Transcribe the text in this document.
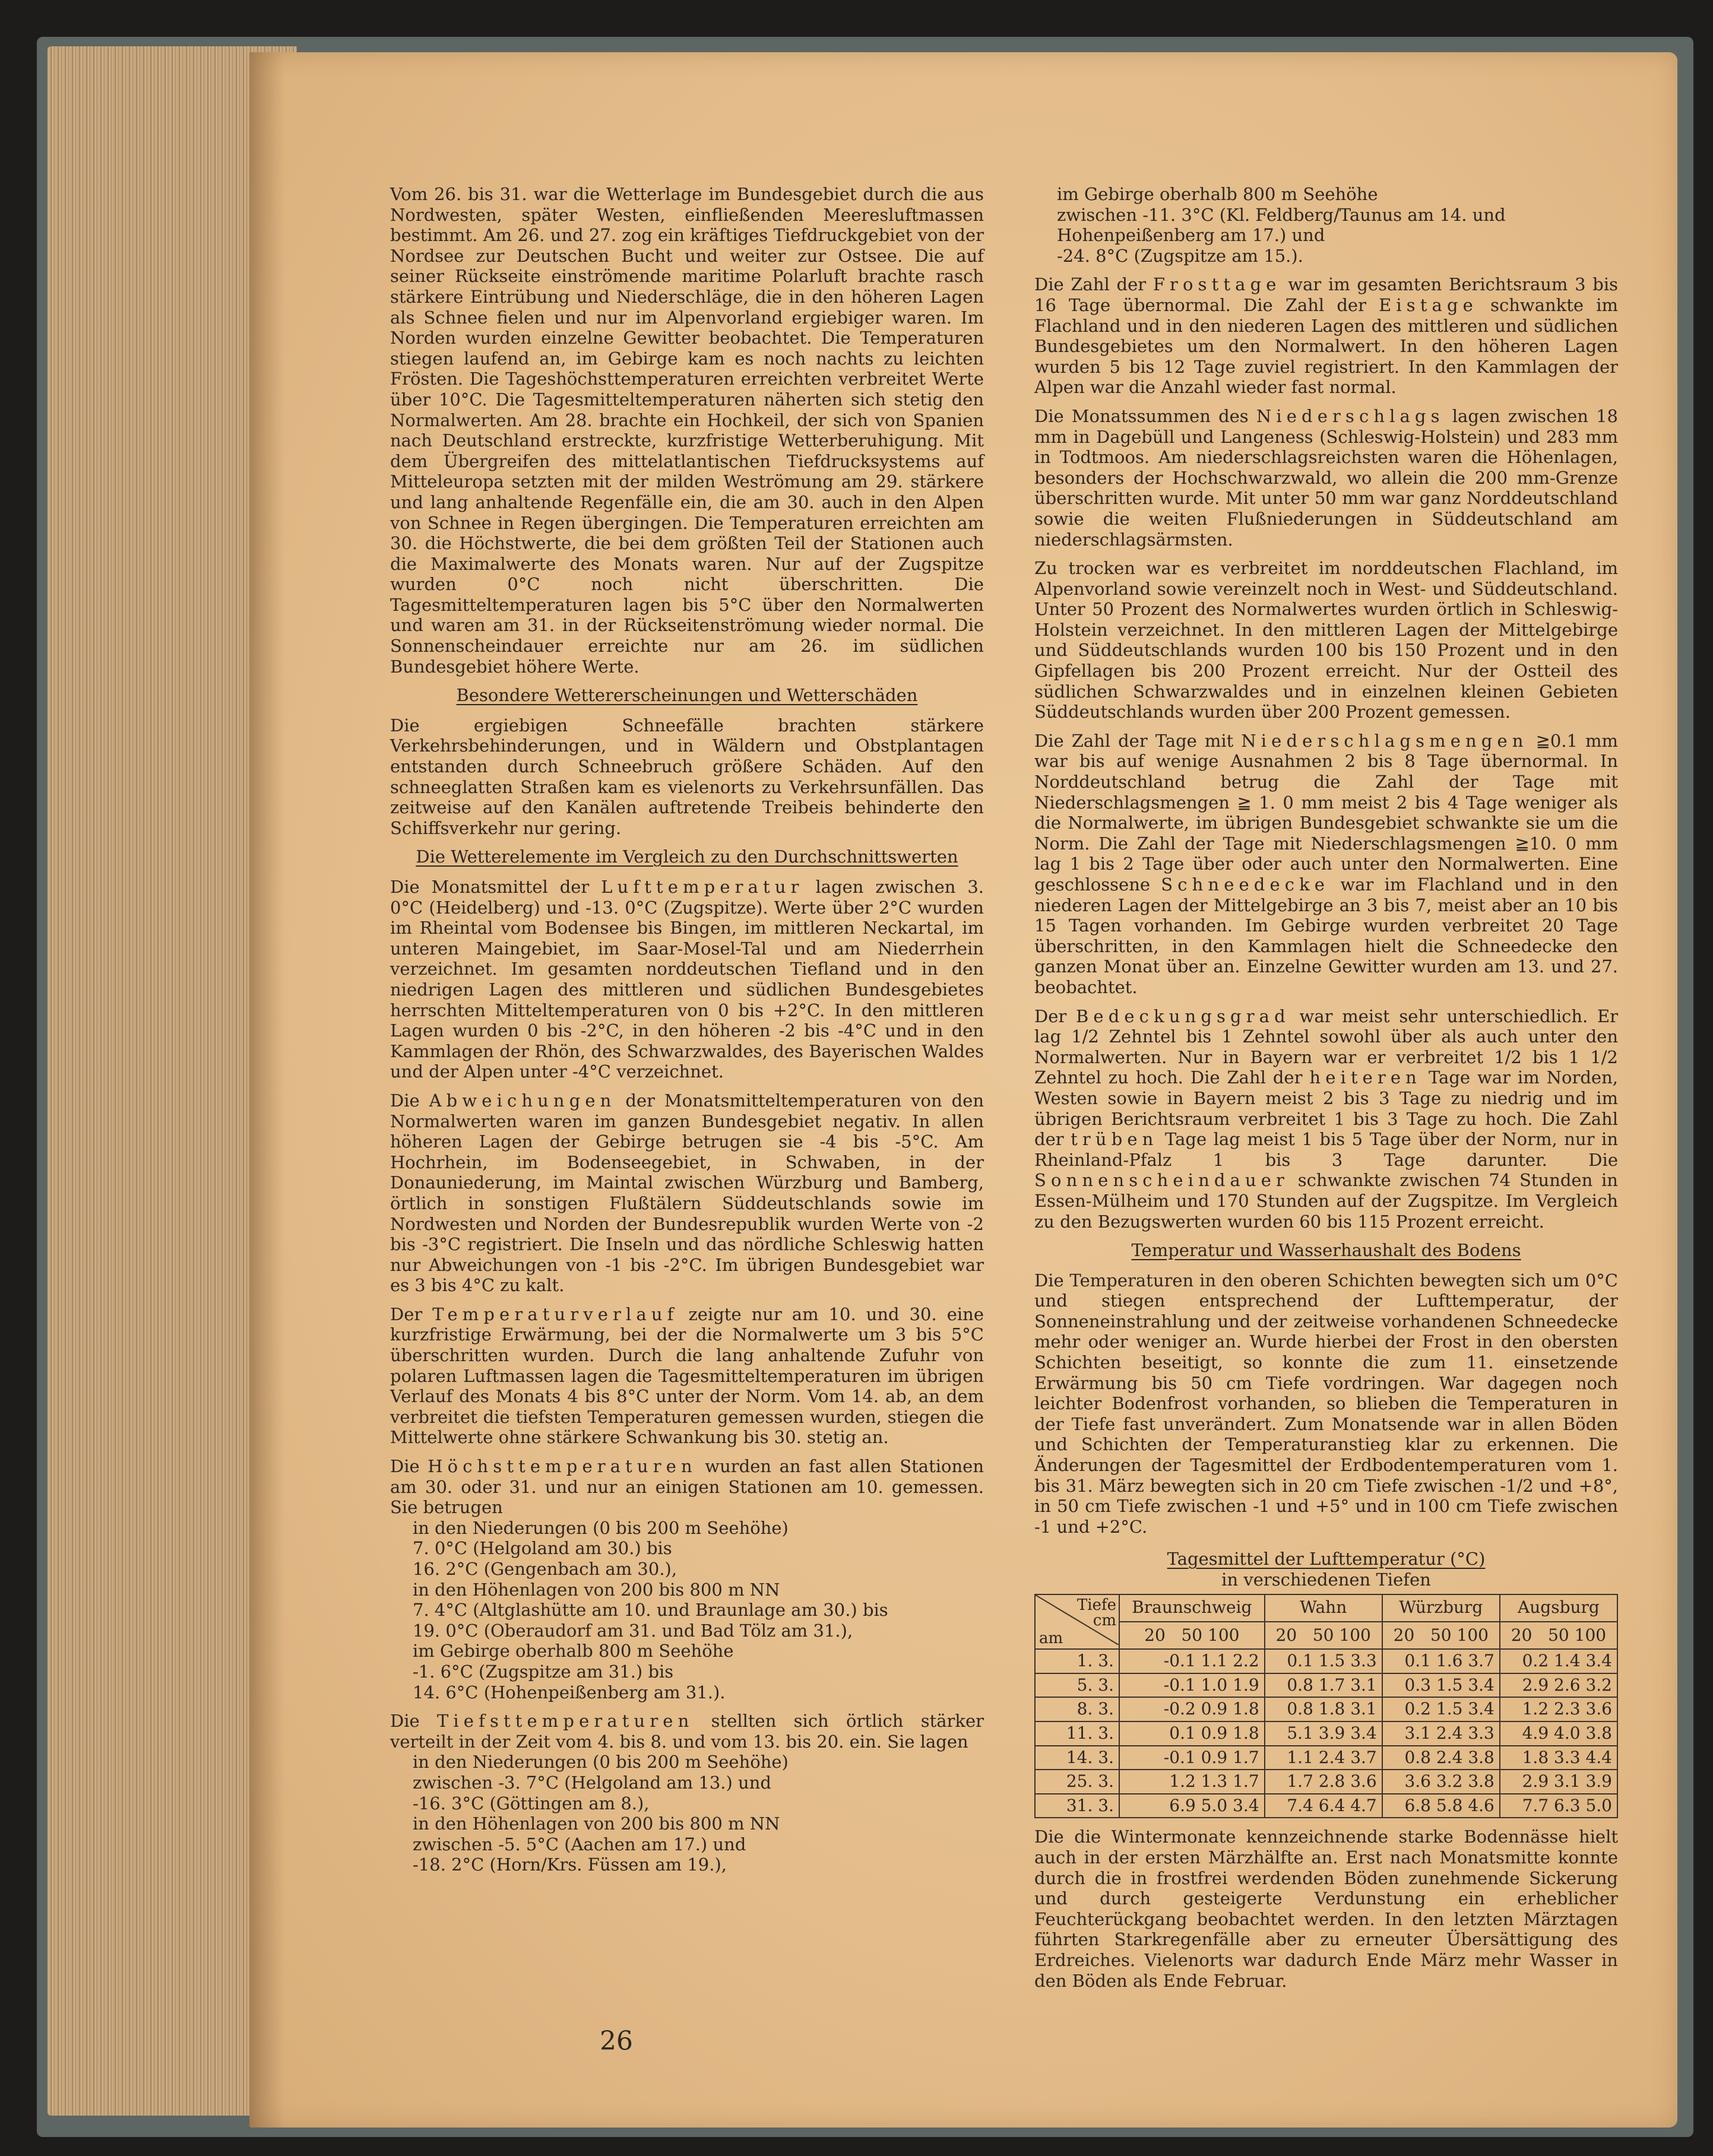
Vom 26. bis 31. war die Wetterlage im Bundesgebiet durch die aus Nordwesten, später Westen, einfließenden Meeresluftmassen bestimmt. Am 26. und 27. zog ein kräftiges Tiefdruckgebiet von der Nordsee zur Deutschen Bucht und weiter zur Ostsee. Die auf seiner Rückseite einströmende maritime Polarluft brachte rasch stärkere Eintrübung und Niederschläge, die in den höheren Lagen als Schnee fielen und nur im Alpenvorland ergiebiger waren. Im Norden wurden einzelne Gewitter beobachtet. Die Temperaturen stiegen laufend an, im Gebirge kam es noch nachts zu leichten Frösten. Die Tageshöchsttemperaturen erreichten verbreitet Werte über 10°C. Die Tagesmitteltemperaturen näherten sich stetig den Normalwerten. Am 28. brachte ein Hochkeil, der sich von Spanien nach Deutschland erstreckte, kurzfristige Wetterberuhigung. Mit dem Übergreifen des mittelatlantischen Tiefdrucksystems auf Mitteleuropa setzten mit der milden Weströmung am 29. stärkere und lang anhaltende Regenfälle ein, die am 30. auch in den Alpen von Schnee in Regen übergingen. Die Temperaturen erreichten am 30. die Höchstwerte, die bei dem größten Teil der Stationen auch die Maximalwerte des Monats waren. Nur auf der Zugspitze wurden 0°C noch nicht überschritten. Die Tagesmitteltemperaturen lagen bis 5°C über den Normalwerten und waren am 31. in der Rückseitenströmung wieder normal. Die Sonnenscheindauer erreichte nur am 26. im südlichen Bundesgebiet höhere Werte.

Besondere Wettererscheinungen und Wetterschäden

Die ergiebigen Schneefälle brachten stärkere Verkehrsbehinderungen, und in Wäldern und Obstplantagen entstanden durch Schneebruch größere Schäden. Auf den schneeglatten Straßen kam es vielenorts zu Verkehrsunfällen. Das zeitweise auf den Kanälen auftretende Treibeis behinderte den Schiffsverkehr nur gering.

Die Wetterelemente im Vergleich zu den Durchschnittswerten

Die Monatsmittel der Lufttemperatur lagen zwischen 3. 0°C (Heidelberg) und -13. 0°C (Zugspitze). Werte über 2°C wurden im Rheintal vom Bodensee bis Bingen, im mittleren Neckartal, im unteren Maingebiet, im Saar-Mosel-Tal und am Niederrhein verzeichnet. Im gesamten norddeutschen Tiefland und in den niedrigen Lagen des mittleren und südlichen Bundesgebietes herrschten Mitteltemperaturen von 0 bis +2°C. In den mittleren Lagen wurden 0 bis -2°C, in den höheren -2 bis -4°C und in den Kammlagen der Rhön, des Schwarzwaldes, des Bayerischen Waldes und der Alpen unter -4°C verzeichnet.

Die Abweichungen der Monatsmitteltemperaturen von den Normalwerten waren im ganzen Bundesgebiet negativ. In allen höheren Lagen der Gebirge betrugen sie -4 bis -5°C. Am Hochrhein, im Bodenseegebiet, in Schwaben, in der Donauniederung, im Maintal zwischen Würzburg und Bamberg, örtlich in sonstigen Flußtälern Süddeutschlands sowie im Nordwesten und Norden der Bundesrepublik wurden Werte von -2 bis -3°C registriert. Die Inseln und das nördliche Schleswig hatten nur Abweichungen von -1 bis -2°C. Im übrigen Bundesgebiet war es 3 bis 4°C zu kalt.

Der Temperaturverlauf zeigte nur am 10. und 30. eine kurzfristige Erwärmung, bei der die Normalwerte um 3 bis 5°C überschritten wurden. Durch die lang anhaltende Zufuhr von polaren Luftmassen lagen die Tagesmitteltemperaturen im übrigen Verlauf des Monats 4 bis 8°C unter der Norm. Vom 14. ab, an dem verbreitet die tiefsten Temperaturen gemessen wurden, stiegen die Mittelwerte ohne stärkere Schwankung bis 30. stetig an.

Die Höchsttemperaturen wurden an fast allen Stationen am 30. oder 31. und nur an einigen Stationen am 10. gemessen. Sie betrugen

in den Niederungen (0 bis 200 m Seehöhe)
7. 0°C (Helgoland am 30.) bis
16. 2°C (Gengenbach am 30.),
in den Höhenlagen von 200 bis 800 m NN
7. 4°C (Altglashütte am 10. und Braunlage am 30.) bis
19. 0°C (Oberaudorf am 31. und Bad Tölz am 31.),
im Gebirge oberhalb 800 m Seehöhe
-1. 6°C (Zugspitze am 31.) bis
14. 6°C (Hohenpeißenberg am 31.).

Die Tiefsttemperaturen stellten sich örtlich stärker verteilt in der Zeit vom 4. bis 8. und vom 13. bis 20. ein. Sie lagen

in den Niederungen (0 bis 200 m Seehöhe)
zwischen -3. 7°C (Helgoland am 13.) und
-16. 3°C (Göttingen am 8.),
in den Höhenlagen von 200 bis 800 m NN
zwischen -5. 5°C (Aachen am 17.) und
-18. 2°C (Horn/Krs. Füssen am 19.),
im Gebirge oberhalb 800 m Seehöhe
zwischen -11. 3°C (Kl. Feldberg/Taunus am 14. und
Hohenpeißenberg am 17.) und
-24. 8°C (Zugspitze am 15.).

Die Zahl der Frosttage war im gesamten Berichtsraum 3 bis 16 Tage übernormal. Die Zahl der Eistage schwankte im Flachland und in den niederen Lagen des mittleren und südlichen Bundesgebietes um den Normalwert. In den höheren Lagen wurden 5 bis 12 Tage zuviel registriert. In den Kammlagen der Alpen war die Anzahl wieder fast normal.

Die Monatssummen des Niederschlags lagen zwischen 18 mm in Dagebüll und Langeness (Schleswig-Holstein) und 283 mm in Todtmoos. Am niederschlagsreichsten waren die Höhenlagen, besonders der Hochschwarzwald, wo allein die 200 mm-Grenze überschritten wurde. Mit unter 50 mm war ganz Norddeutschland sowie die weiten Flußniederungen in Süddeutschland am niederschlagsärmsten.

Zu trocken war es verbreitet im norddeutschen Flachland, im Alpenvorland sowie vereinzelt noch in West- und Süddeutschland. Unter 50 Prozent des Normalwertes wurden örtlich in Schleswig-Holstein verzeichnet. In den mittleren Lagen der Mittelgebirge und Süddeutschlands wurden 100 bis 150 Prozent und in den Gipfellagen bis 200 Prozent erreicht. Nur der Ostteil des südlichen Schwarzwaldes und in einzelnen kleinen Gebieten Süddeutschlands wurden über 200 Prozent gemessen.

Die Zahl der Tage mit Niederschlagsmengen ≧0.1 mm war bis auf wenige Ausnahmen 2 bis 8 Tage übernormal. In Norddeutschland betrug die Zahl der Tage mit Niederschlagsmengen ≧ 1. 0 mm meist 2 bis 4 Tage weniger als die Normalwerte, im übrigen Bundesgebiet schwankte sie um die Norm. Die Zahl der Tage mit Niederschlagsmengen ≧10. 0 mm lag 1 bis 2 Tage über oder auch unter den Normalwerten. Eine geschlossene Schneedecke war im Flachland und in den niederen Lagen der Mittelgebirge an 3 bis 7, meist aber an 10 bis 15 Tagen vorhanden. Im Gebirge wurden verbreitet 20 Tage überschritten, in den Kammlagen hielt die Schneedecke den ganzen Monat über an. Einzelne Gewitter wurden am 13. und 27. beobachtet.

Der Bedeckungsgrad war meist sehr unterschiedlich. Er lag 1/2 Zehntel bis 1 Zehntel sowohl über als auch unter den Normalwerten. Nur in Bayern war er verbreitet 1/2 bis 1 1/2 Zehntel zu hoch. Die Zahl der heiteren Tage war im Norden, Westen sowie in Bayern meist 2 bis 3 Tage zu niedrig und im übrigen Berichtsraum verbreitet 1 bis 3 Tage zu hoch. Die Zahl der trüben Tage lag meist 1 bis 5 Tage über der Norm, nur in Rheinland-Pfalz 1 bis 3 Tage darunter. Die Sonnenscheindauer schwankte zwischen 74 Stunden in Essen-Mülheim und 170 Stunden auf der Zugspitze. Im Vergleich zu den Bezugswerten wurden 60 bis 115 Prozent erreicht.

Temperatur und Wasserhaushalt des Bodens

Die Temperaturen in den oberen Schichten bewegten sich um 0°C und stiegen entsprechend der Lufttemperatur, der Sonneneinstrahlung und der zeitweise vorhandenen Schneedecke mehr oder weniger an. Wurde hierbei der Frost in den obersten Schichten beseitigt, so konnte die zum 11. einsetzende Erwärmung bis 50 cm Tiefe vordringen. War dagegen noch leichter Bodenfrost vorhanden, so blieben die Temperaturen in der Tiefe fast unverändert. Zum Monatsende war in allen Böden und Schichten der Temperaturanstieg klar zu erkennen. Die Änderungen der Tagesmittel der Erdbodentemperaturen vom 1. bis 31. März bewegten sich in 20 cm Tiefe zwischen -1/2 und +8°, in 50 cm Tiefe zwischen -1 und +5° und in 100 cm Tiefe zwischen -1 und +2°C.

Tagesmittel der Lufttemperatur (°C)
in verschiedenen Tiefen
Tiefe
cm
am	Braunschweig	Wahn	Würzburg	Augsburg
	20 50 100	20 50 100	20 50 100	20 50 100
1. 3.	-0.1 1.1 2.2	0.1 1.5 3.3	0.1 1.6 3.7	0.2 1.4 3.4
5. 3.	-0.1 1.0 1.9	0.8 1.7 3.1	0.3 1.5 3.4	2.9 2.6 3.2
8. 3.	-0.2 0.9 1.8	0.8 1.8 3.1	0.2 1.5 3.4	1.2 2.3 3.6
11. 3.	0.1 0.9 1.8	5.1 3.9 3.4	3.1 2.4 3.3	4.9 4.0 3.8
14. 3.	-0.1 0.9 1.7	1.1 2.4 3.7	0.8 2.4 3.8	1.8 3.3 4.4
25. 3.	1.2 1.3 1.7	1.7 2.8 3.6	3.6 3.2 3.8	2.9 3.1 3.9
31. 3.	6.9 5.0 3.4	7.4 6.4 4.7	6.8 5.8 4.6	7.7 6.3 5.0

Die die Wintermonate kennzeichnende starke Bodennässe hielt auch in der ersten Märzhälfte an. Erst nach Monatsmitte konnte durch die in frostfrei werdenden Böden zunehmende Sickerung und durch gesteigerte Verdunstung ein erheblicher Feuchterückgang beobachtet werden. In den letzten Märztagen führten Starkregenfälle aber zu erneuter Übersättigung des Erdreiches. Vielenorts war dadurch Ende März mehr Wasser in den Böden als Ende Februar.

26
